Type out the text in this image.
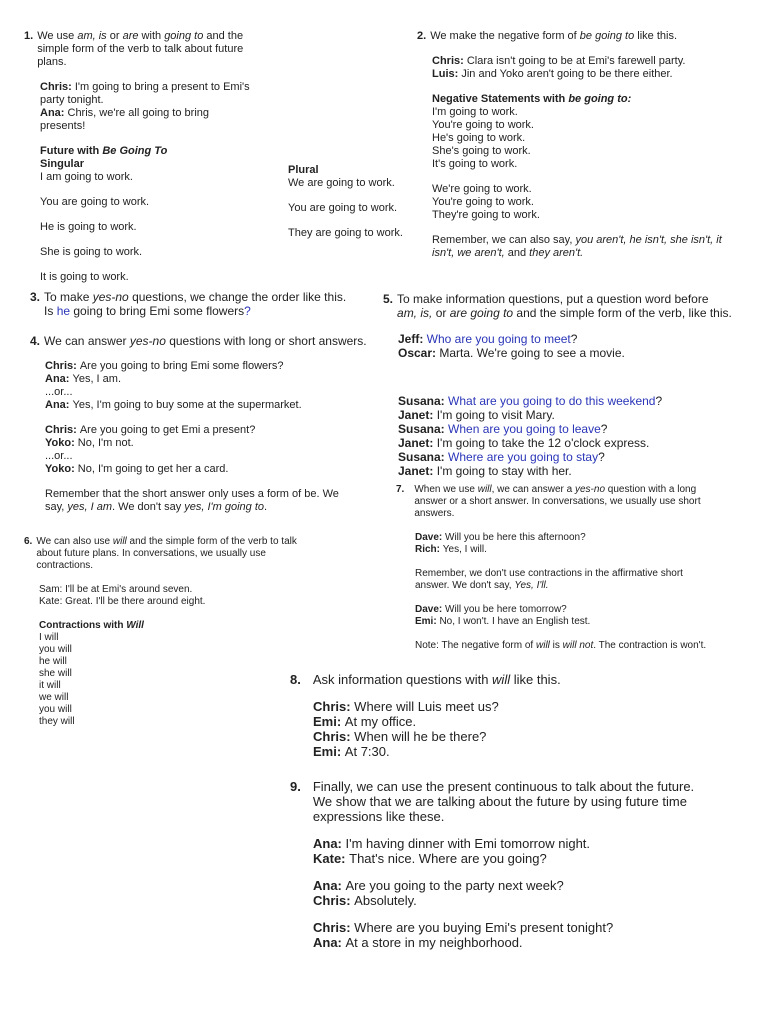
1. We use am, is or are with going to and the
simple form of the verb to talk about future
plans.
Chris: I'm going to bring a present to Emi's
party tonight.
Ana: Chris, we're all going to bring
presents!
Future with Be Going To
Singular
I am going to work.
You are going to work.
He is going to work.
She is going to work.
It is going to work.
Plural
We are going to work.
You are going to work.
They are going to work.
2. We make the negative form of be going to like this.
Chris: Clara isn't going to be at Emi's farewell party.
Luis: Jin and Yoko aren't going to be there either.
Negative Statements with be going to:
I'm going to work.
You're going to work.
He's going to work.
She's going to work.
It's going to work.
We're going to work.
You're going to work.
They're going to work.
Remember, we can also say, you aren't, he isn't, she isn't, it
isn't, we aren't, and they aren't.
3. To make yes-no questions, we change the order like this.
Is he going to bring Emi some flowers?
4. We can answer yes-no questions with long or short answers.
Chris: Are you going to bring Emi some flowers?
Ana: Yes, I am.
...or...
Ana: Yes, I'm going to buy some at the supermarket.
Chris: Are you going to get Emi a present?
Yoko: No, I'm not.
...or...
Yoko: No, I'm going to get her a card.
Remember that the short answer only uses a form of be. We
say, yes, I am. We don't say yes, I'm going to.
5. To make information questions, put a question word before
am, is, or are going to and the simple form of the verb, like this.
Jeff: Who are you going to meet?
Oscar: Marta. We're going to see a movie.
Susana: What are you going to do this weekend?
Janet: I'm going to visit Mary.
Susana: When are you going to leave?
Janet: I'm going to take the 12 o'clock express.
Susana: Where are you going to stay?
Janet: I'm going to stay with her.
6. We can also use will and the simple form of the verb to talk
about future plans. In conversations, we usually use
contractions.
Sam: I'll be at Emi's around seven.
Kate: Great. I'll be there around eight.
Contractions with Will
I will
you will
he will
she will
it will
we will
you will
they will
7.	When we use will, we can answer a yes-no question with a long
answer or a short answer. In conversations, we usually use short
answers.
Dave: Will you be here this afternoon?
Rich: Yes, I will.
Remember, we don't use contractions in the affirmative short
answer. We don't say, Yes, I'll.
Dave: Will you be here tomorrow?
Emi: No, I won't. I have an English test.
Note: The negative form of will is will not. The contraction is won't.
8. Ask information questions with will like this.
Chris: Where will Luis meet us?
Emi: At my office.
Chris: When will he be there?
Emi: At 7:30.
9. Finally, we can use the present continuous to talk about the future.
We show that we are talking about the future by using future time
expressions like these.
Ana: I'm having dinner with Emi tomorrow night.
Kate: That's nice. Where are you going?
Ana: Are you going to the party next week?
Chris: Absolutely.
Chris: Where are you buying Emi's present tonight?
Ana: At a store in my neighborhood.
